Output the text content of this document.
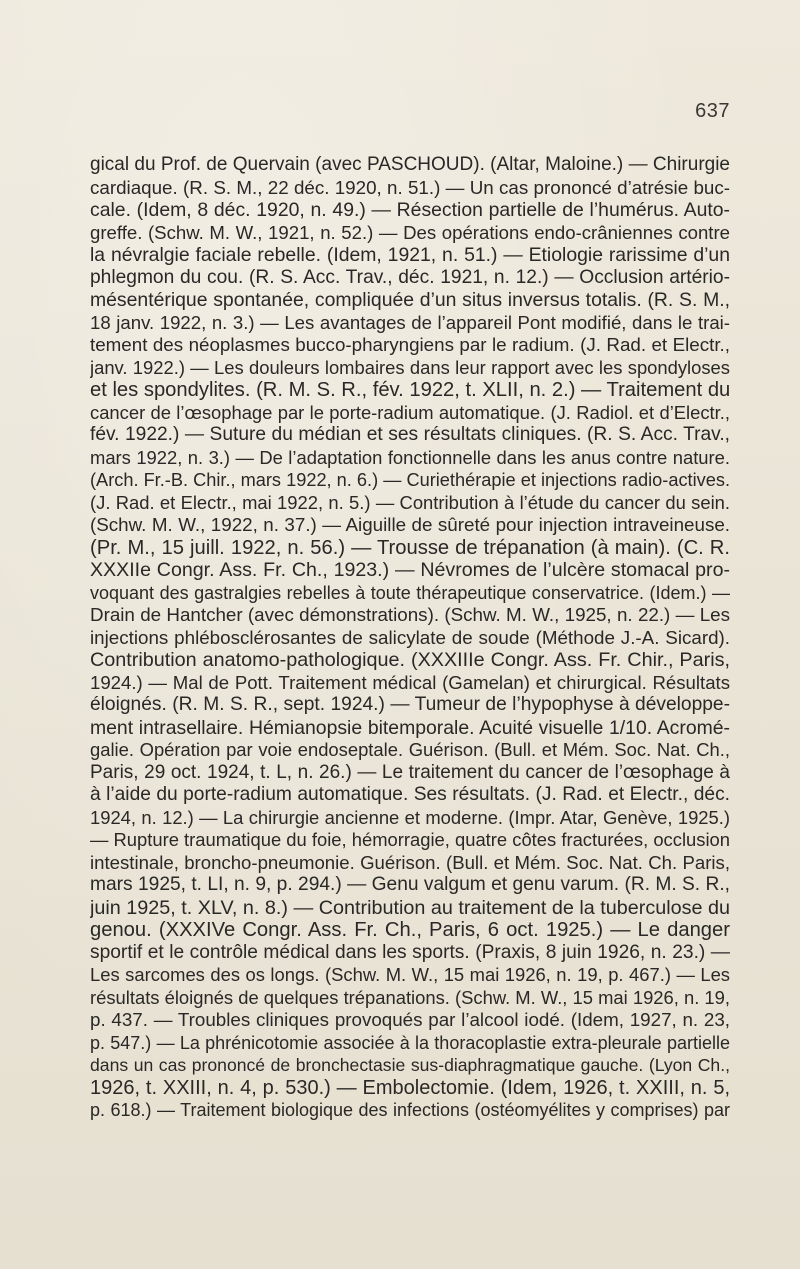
637
gical du Prof. de Quervain (avec PASCHOUD). (Altar, Maloine.) — Chirurgie
cardiaque. (R. S. M., 22 déc. 1920, n. 51.) — Un cas prononcé d’atrésie buc-
cale. (Idem, 8 déc. 1920, n. 49.) — Résection partielle de l’humérus. Auto-
greffe. (Schw. M. W., 1921, n. 52.) — Des opérations endo-crâniennes contre
la névralgie faciale rebelle. (Idem, 1921, n. 51.) — Etiologie rarissime d’un
phlegmon du cou. (R. S. Acc. Trav., déc. 1921, n. 12.) — Occlusion artério-
mésentérique spontanée, compliquée d’un situs inversus totalis. (R. S. M.,
18 janv. 1922, n. 3.) — Les avantages de l’appareil Pont modifié, dans le trai-
tement des néoplasmes bucco-pharyngiens par le radium. (J. Rad. et Electr.,
janv. 1922.) — Les douleurs lombaires dans leur rapport avec les spondyloses
et les spondylites. (R. M. S. R., fév. 1922, t. XLII, n. 2.) — Traitement du
cancer de l’œsophage par le porte-radium automatique. (J. Radiol. et d’Electr.,
fév. 1922.) — Suture du médian et ses résultats cliniques. (R. S. Acc. Trav.,
mars 1922, n. 3.) — De l’adaptation fonctionnelle dans les anus contre nature.
(Arch. Fr.-B. Chir., mars 1922, n. 6.) — Curiethérapie et injections radio-actives.
(J. Rad. et Electr., mai 1922, n. 5.) — Contribution à l’étude du cancer du sein.
(Schw. M. W., 1922, n. 37.) — Aiguille de sûreté pour injection intraveineuse.
(Pr. M., 15 juill. 1922, n. 56.) — Trousse de trépanation (à main). (C. R.
XXXIIe Congr. Ass. Fr. Ch., 1923.) — Névromes de l’ulcère stomacal pro-
voquant des gastralgies rebelles à toute thérapeutique conservatrice. (Idem.) —
Drain de Hantcher (avec démonstrations). (Schw. M. W., 1925, n. 22.) — Les
injections phlébosclérosantes de salicylate de soude (Méthode J.-A. Sicard).
Contribution anatomo-pathologique. (XXXIIIe Congr. Ass. Fr. Chir., Paris,
1924.) — Mal de Pott. Traitement médical (Gamelan) et chirurgical. Résultats
éloignés. (R. M. S. R., sept. 1924.) — Tumeur de l’hypophyse à développe-
ment intrasellaire. Hémianopsie bitemporale. Acuité visuelle 1/10. Acromé-
galie. Opération par voie endoseptale. Guérison. (Bull. et Mém. Soc. Nat. Ch.,
Paris, 29 oct. 1924, t. L, n. 26.) — Le traitement du cancer de l’œsophage à
à l’aide du porte-radium automatique. Ses résultats. (J. Rad. et Electr., déc.
1924, n. 12.) — La chirurgie ancienne et moderne. (Impr. Atar, Genève, 1925.)
— Rupture traumatique du foie, hémorragie, quatre côtes fracturées, occlusion
intestinale, broncho-pneumonie. Guérison. (Bull. et Mém. Soc. Nat. Ch. Paris,
mars 1925, t. LI, n. 9, p. 294.) — Genu valgum et genu varum. (R. M. S. R.,
juin 1925, t. XLV, n. 8.) — Contribution au traitement de la tuberculose du
genou. (XXXIVe Congr. Ass. Fr. Ch., Paris, 6 oct. 1925.) — Le danger
sportif et le contrôle médical dans les sports. (Praxis, 8 juin 1926, n. 23.) —
Les sarcomes des os longs. (Schw. M. W., 15 mai 1926, n. 19, p. 467.) — Les
résultats éloignés de quelques trépanations. (Schw. M. W., 15 mai 1926, n. 19,
p. 437. — Troubles cliniques provoqués par l’alcool iodé. (Idem, 1927, n. 23,
p. 547.) — La phrénicotomie associée à la thoracoplastie extra-pleurale partielle
dans un cas prononcé de bronchectasie sus-diaphragmatique gauche. (Lyon Ch.,
1926, t. XXIII, n. 4, p. 530.) — Embolectomie. (Idem, 1926, t. XXIII, n. 5,
p. 618.) — Traitement biologique des infections (ostéomyélites y comprises) par
